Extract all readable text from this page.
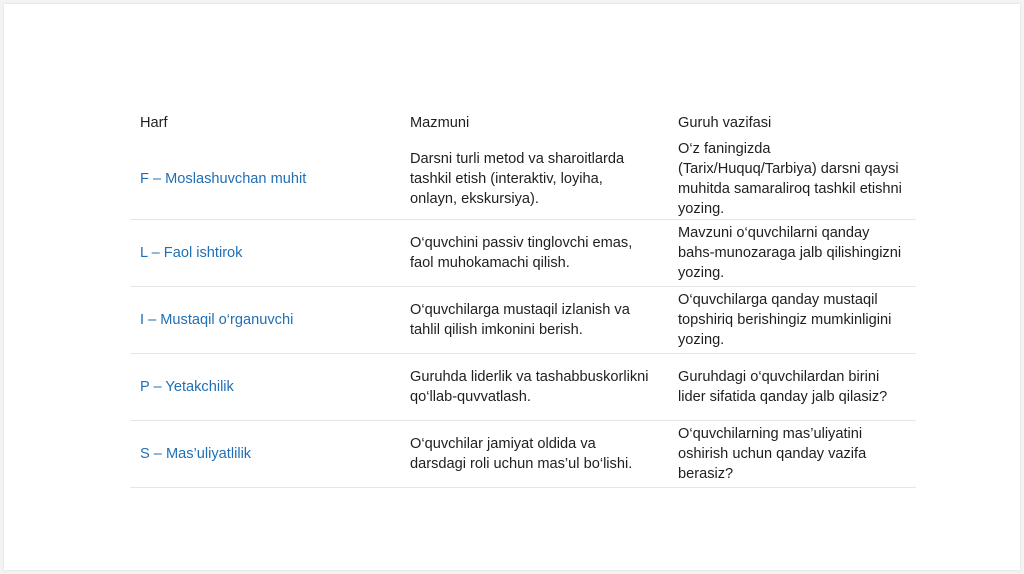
Harf	Mazmuni	Guruh vazifasi
F – Moslashuvchan muhit	Darsni turli metod va sharoitlarda tashkil etish (interaktiv, loyiha, onlayn, ekskursiya).	O‘z faningizda (Tarix/Huquq/Tarbiya) darsni qaysi muhitda samaraliroq tashkil etishni yozing.
L – Faol ishtirok	O‘quvchini passiv tinglovchi emas, faol muhokamachi qilish.	Mavzuni o‘quvchilarni qanday bahs-munozaraga jalb qilishingizni yozing.
I – Mustaqil o‘rganuvchi	O‘quvchilarga mustaqil izlanish va tahlil qilish imkonini berish.	O‘quvchilarga qanday mustaqil topshiriq berishingiz mumkinligini yozing.
P – Yetakchilik	Guruhda liderlik va tashabbuskorlikni qo‘llab-quvvatlash.	Guruhdagi o‘quvchilardan birini lider sifatida qanday jalb qilasiz?
S – Mas’uliyatlilik	O‘quvchilar jamiyat oldida va darsdagi roli uchun mas’ul bo‘lishi.	O‘quvchilarning mas’uliyatini oshirish uchun qanday vazifa berasiz?
